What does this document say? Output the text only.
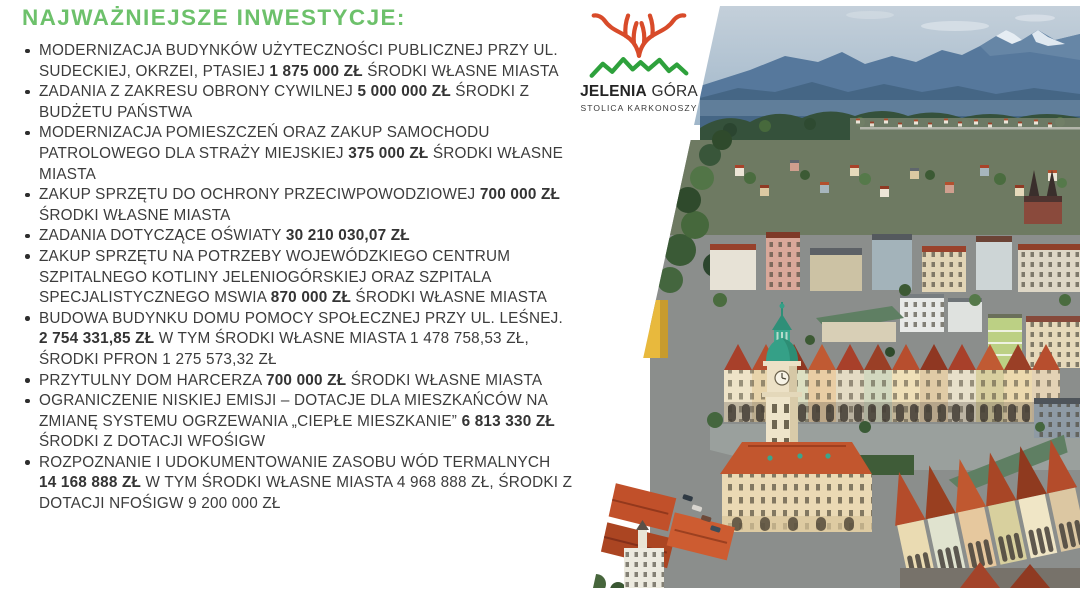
NAJWAŻNIEJSZE INWESTYCJE:
MODERNIZACJA BUDYNKÓW UŻYTECZNOŚCI PUBLICZNEJ PRZY UL. SUDECKIEJ, OKRZEI, PTASIEJ 1 875 000 ZŁ ŚRODKI WŁASNE MIASTA
ZADANIA Z ZAKRESU OBRONY CYWILNEJ 5 000 000 ZŁ ŚRODKI Z BUDŻETU PAŃSTWA
MODERNIZACJA POMIESZCZEŃ ORAZ ZAKUP SAMOCHODU PATROLOWEGO DLA STRAŻY MIEJSKIEJ 375 000 ZŁ ŚRODKI WŁASNE MIASTA
ZAKUP SPRZĘTU DO OCHRONY PRZECIWPOWODZIOWEJ 700 000 ZŁ ŚRODKI WŁASNE MIASTA
ZADANIA DOTYCZĄCE OŚWIATY 30 210 030,07 ZŁ
ZAKUP SPRZĘTU NA POTRZEBY WOJEWÓDZKIEGO CENTRUM SZPITALNEGO KOTLINY JELENIOGÓRSKIEJ ORAZ SZPITALA SPECJALISTYCZNEGO MSWIA 870 000 ZŁ ŚRODKI WŁASNE MIASTA
BUDOWA BUDYNKU DOMU POMOCY SPOŁECZNEJ PRZY UL. LEŚNEJ. 2 754 331,85 ZŁ W TYM ŚRODKI WŁASNE MIASTA 1 478 758,53 ZŁ, ŚRODKI PFRON 1 275 573,32 ZŁ
PRZYTULNY DOM HARCERZA 700 000 ZŁ ŚRODKI WŁASNE MIASTA
OGRANICZENIE NISKIEJ EMISJI – DOTACJE DLA MIESZKAŃCÓW NA ZMIANĘ SYSTEMU OGRZEWANIA „CIEPŁE MIESZKANIE” 6 813 330 ZŁ ŚRODKI Z DOTACJI WFOŚIGW
ROZPOZNANIE I UDOKUMENTOWANIE ZASOBU WÓD TERMALNYCH 14 168 888 ZŁ W TYM ŚRODKI WŁASNE MIASTA 4 968 888 ZŁ, ŚRODKI Z DOTACJI NFOŚIGW 9 200 000 ZŁ
JELENIA GÓRA
STOLICA KARKONOSZY
